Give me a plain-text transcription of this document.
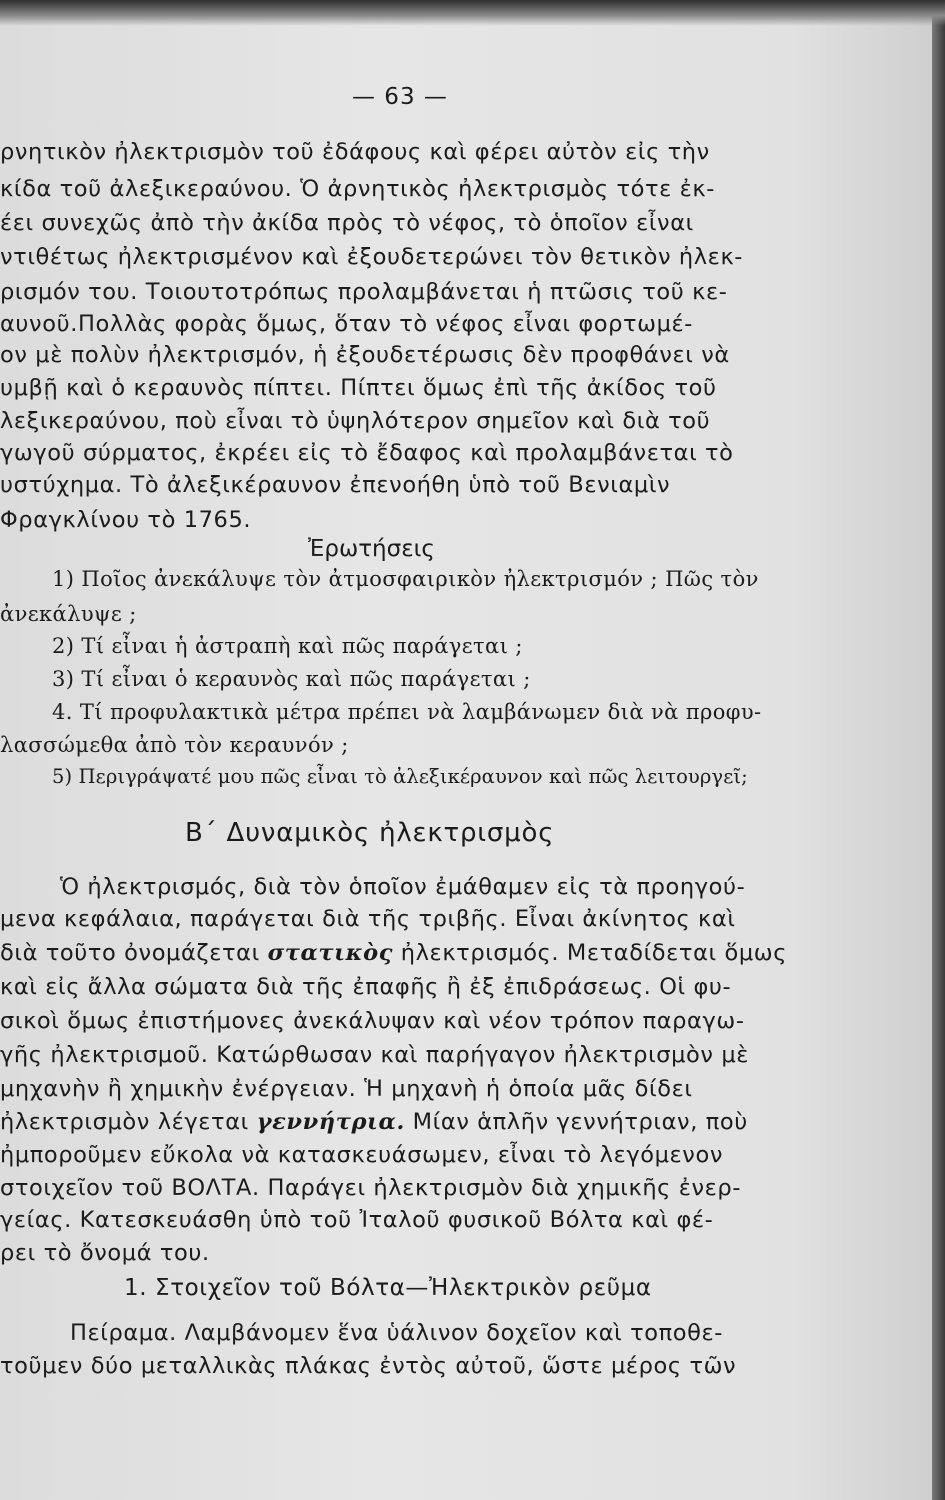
— 63 —
ρνητικὸν ἠλεκτρισμὸν τοῦ ἐδάφους καὶ φέρει αὐτὸν εἰς τὴν
κίδα τοῦ ἀλεξικεραύνου. Ὁ ἀρνητικὸς ἠλεκτρισμὸς τότε ἐκ-
έει συνεχῶς ἀπὸ τὴν ἀκίδα πρὸς τὸ νέφος, τὸ ὁποῖον εἶναι
ντιθέτως ἠλεκτρισμένον καὶ ἐξουδετερώνει τὸν θετικὸν ἠλεκ-
ρισμόν του. Τοιουτοτρόπως προλαμβάνεται ἡ πτῶσις τοῦ κε-
αυνοῦ.Πολλὰς φορὰς ὅμως, ὅταν τὸ νέφος εἶναι φορτωμέ-
ον μὲ πολὺν ἠλεκτρισμόν, ἡ ἐξουδετέρωσις δὲν προφθάνει νὰ
υμβῇ καὶ ὁ κεραυνὸς πίπτει. Πίπτει ὅμως ἐπὶ τῆς ἀκίδος τοῦ
λεξικεραύνου, ποὺ εἶναι τὸ ὑψηλότερον σημεῖον καὶ διὰ τοῦ
γωγοῦ σύρματος, ἐκρέει εἰς τὸ ἔδαφος καὶ προλαμβάνεται τὸ
υστύχημα. Τὸ ἀλεξικέραυνον ἐπενοήθη ὑπὸ τοῦ Βενιαμὶν
Φραγκλίνου τὸ 1765.
Ἐρωτήσεις
1) Ποῖος ἀνεκάλυψε τὸν ἀτμοσφαιρικὸν ἠλεκτρισμόν ; Πῶς τὸν
ἀνεκάλυψε ;
2) Τί εἶναι ἡ ἀστραπὴ καὶ πῶς παράγεται ;
3) Τί εἶναι ὁ κεραυνὸς καὶ πῶς παράγεται ;
4. Τί προφυλακτικὰ μέτρα πρέπει νὰ λαμβάνωμεν διὰ νὰ προφυ-
λασσώμεθα ἀπὸ τὸν κεραυνόν ;
5) Περιγράψατέ μου πῶς εἶναι τὸ ἀλεξικέραυνον καὶ πῶς λειτουργεῖ;
Β΄ Δυναμικὸς ἠλεκτρισμὸς
Ὁ ἠλεκτρισμός, διὰ τὸν ὁποῖον ἐμάθαμεν εἰς τὰ προηγού-
μενα κεφάλαια, παράγεται διὰ τῆς τριβῆς. Εἶναι ἀκίνητος καὶ
διὰ τοῦτο ὀνομάζεται στατικὸς ἠλεκτρισμός. Μεταδίδεται ὅμως
καὶ εἰς ἄλλα σώματα διὰ τῆς ἐπαφῆς ἢ ἐξ ἐπιδράσεως. Οἱ φυ-
σικοὶ ὅμως ἐπιστήμονες ἀνεκάλυψαν καὶ νέον τρόπον παραγω-
γῆς ἠλεκτρισμοῦ. Κατώρθωσαν καὶ παρήγαγον ἠλεκτρισμὸν μὲ
μηχανὴν ἢ χημικὴν ἐνέργειαν. Ἡ μηχανὴ ἡ ὁποία μᾶς δίδει
ἠλεκτρισμὸν λέγεται γεννήτρια. Μίαν ἁπλῆν γεννήτριαν, ποὺ
ἠμποροῦμεν εὔκολα νὰ κατασκευάσωμεν, εἶναι τὸ λεγόμενον
στοιχεῖον τοῦ ΒΟΛΤΑ. Παράγει ἠλεκτρισμὸν διὰ χημικῆς ἐνερ-
γείας. Κατεσκευάσθη ὑπὸ τοῦ Ἰταλοῦ φυσικοῦ Βόλτα καὶ φέ-
ρει τὸ ὄνομά του.
1. Στοιχεῖον τοῦ Βόλτα—Ἠλεκτρικὸν ρεῦμα
Πείραμα. Λαμβάνομεν ἕνα ὑάλινον δοχεῖον καὶ τοποθε-
τοῦμεν δύο μεταλλικὰς πλάκας ἐντὸς αὐτοῦ, ὥστε μέρος τῶν
